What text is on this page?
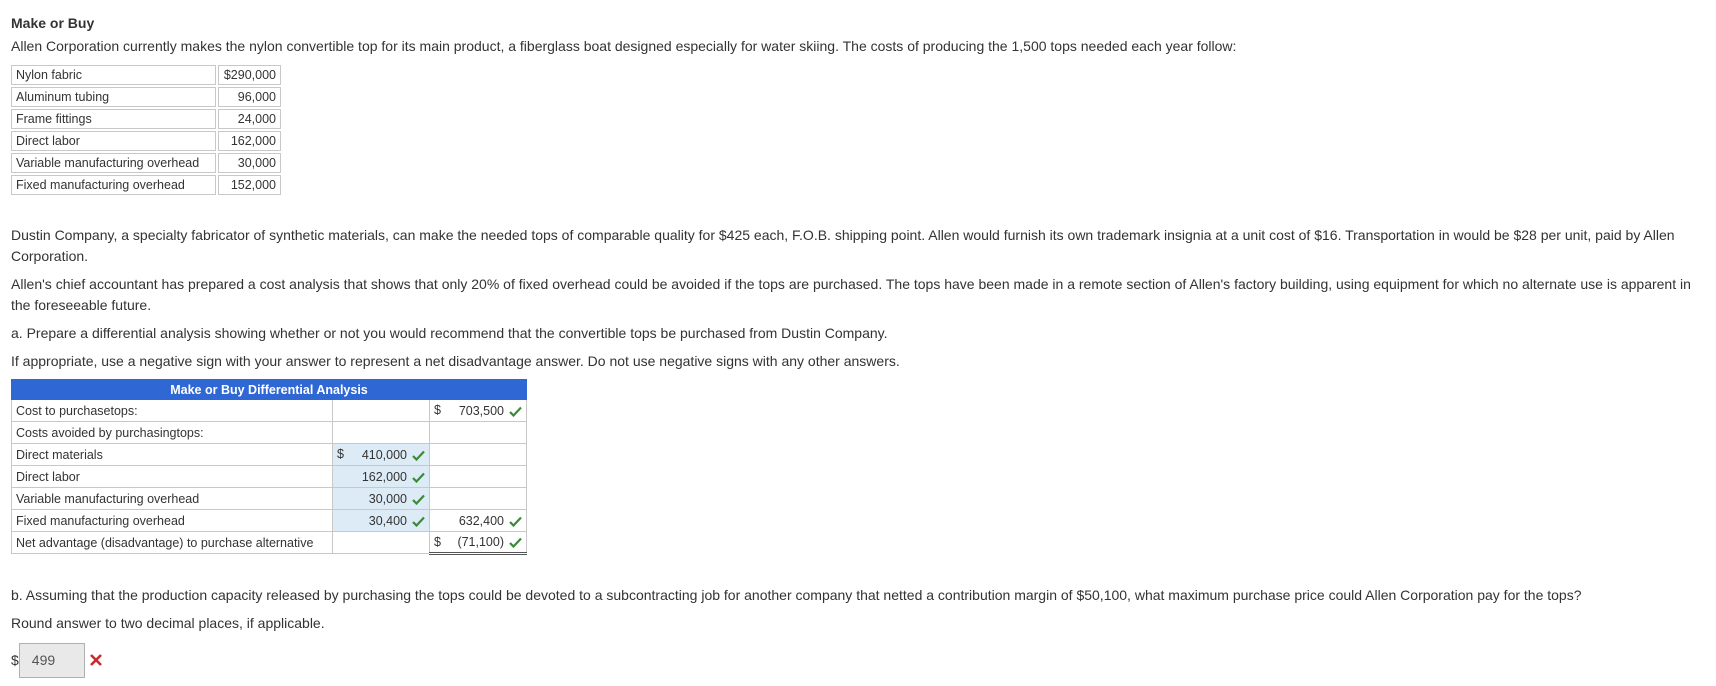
Make or Buy

Allen Corporation currently makes the nylon convertible top for its main product, a fiberglass boat designed especially for water skiing. The costs of producing the 1,500 tops needed each year follow:

Nylon fabric	$290,000
Aluminum tubing	96,000
Frame fittings	24,000
Direct labor	162,000
Variable manufacturing overhead	30,000
Fixed manufacturing overhead	152,000

Dustin Company, a specialty fabricator of synthetic materials, can make the needed tops of comparable quality for $425 each, F.O.B. shipping point. Allen would furnish its own trademark insignia at a unit cost of $16. Transportation in would be $28 per unit, paid by Allen Corporation.

Allen's chief accountant has prepared a cost analysis that shows that only 20% of fixed overhead could be avoided if the tops are purchased. The tops have been made in a remote section of Allen's factory building, using equipment for which no alternate use is apparent in the foreseeable future.

a. Prepare a differential analysis showing whether or not you would recommend that the convertible tops be purchased from Dustin Company.

If appropriate, use a negative sign with your answer to represent a net disadvantage answer. Do not use negative signs with any other answers.

Make or Buy Differential Analysis		
Cost to purchasetops:		$ 703,500
Costs avoided by purchasingtops:		
Direct materials	$ 410,000	
Direct labor	162,000	
Variable manufacturing overhead	30,000	
Fixed manufacturing overhead	30,400	632,400
Net advantage (disadvantage) to purchase alternative		$ (71,100)

b. Assuming that the production capacity released by purchasing the tops could be devoted to a subcontracting job for another company that netted a contribution margin of $50,100, what maximum purchase price could Allen Corporation pay for the tops?

Round answer to two decimal places, if applicable.

$ 499
